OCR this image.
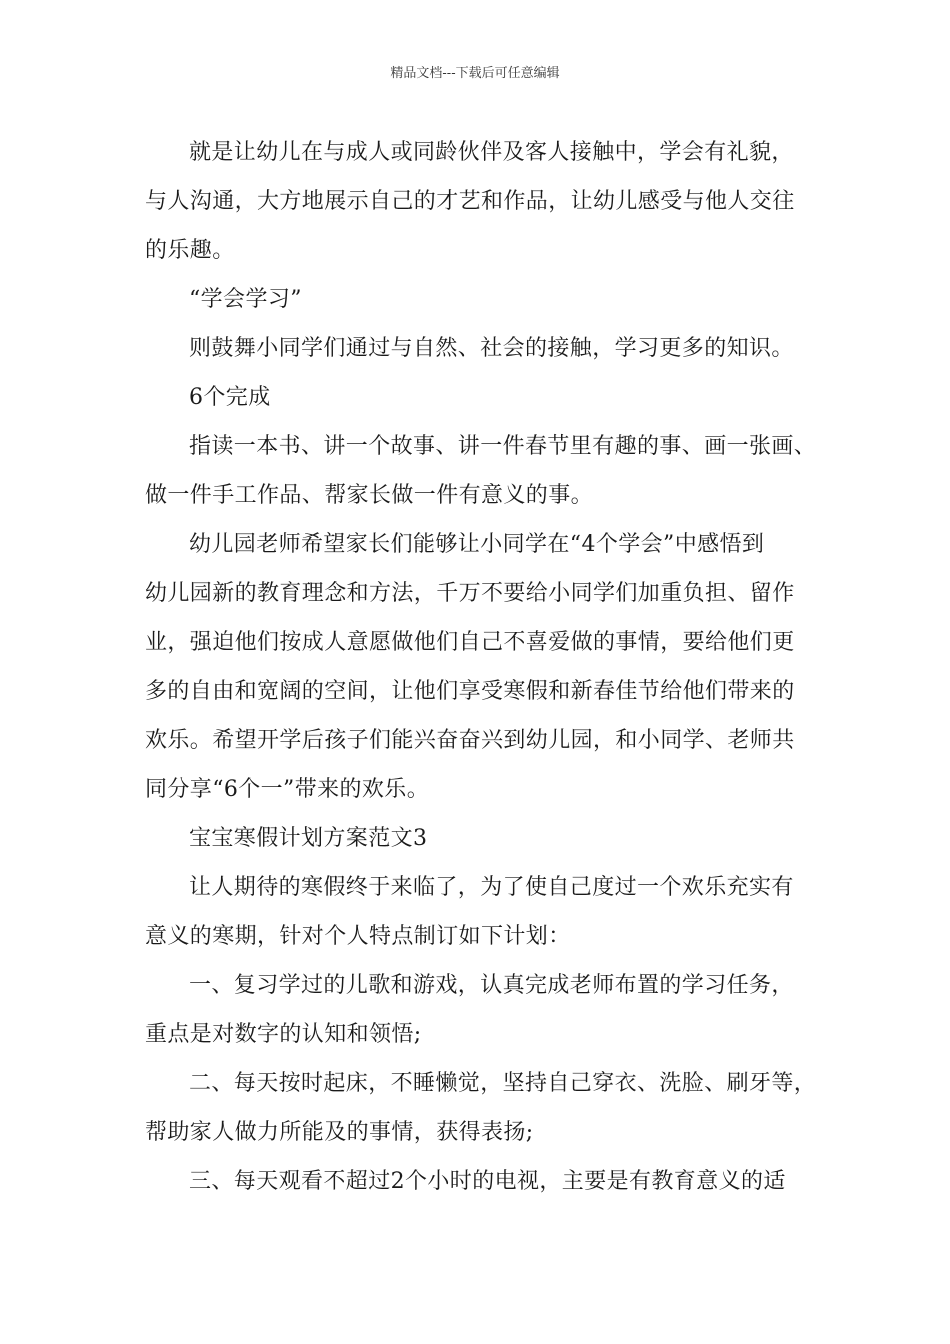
精品文档---下载后可任意编辑

就是让幼儿在与成人或同龄伙伴及客人接触中，学会有礼貌，
与人沟通，大方地展示自己的才艺和作品，让幼儿感受与他人交往
的乐趣。

“学会学习”

则鼓舞小同学们通过与自然、社会的接触，学习更多的知识。

6个完成

指读一本书、讲一个故事、讲一件春节里有趣的事、画一张画、
做一件手工作品、帮家长做一件有意义的事。

幼儿园老师希望家长们能够让小同学在“4个学会”中感悟到
幼儿园新的教育理念和方法，千万不要给小同学们加重负担、留作
业，强迫他们按成人意愿做他们自己不喜爱做的事情，要给他们更
多的自由和宽阔的空间，让他们享受寒假和新春佳节给他们带来的
欢乐。希望开学后孩子们能兴奋奋兴到幼儿园，和小同学、老师共
同分享“6个一”带来的欢乐。

宝宝寒假计划方案范文3

让人期待的寒假终于来临了，为了使自己度过一个欢乐充实有
意义的寒期，针对个人特点制订如下计划：

一、复习学过的儿歌和游戏，认真完成老师布置的学习任务，
重点是对数字的认知和领悟;

二、每天按时起床，不睡懒觉，坚持自己穿衣、洗脸、刷牙等，
帮助家人做力所能及的事情，获得表扬;

三、每天观看不超过2个小时的电视，主要是有教育意义的适
